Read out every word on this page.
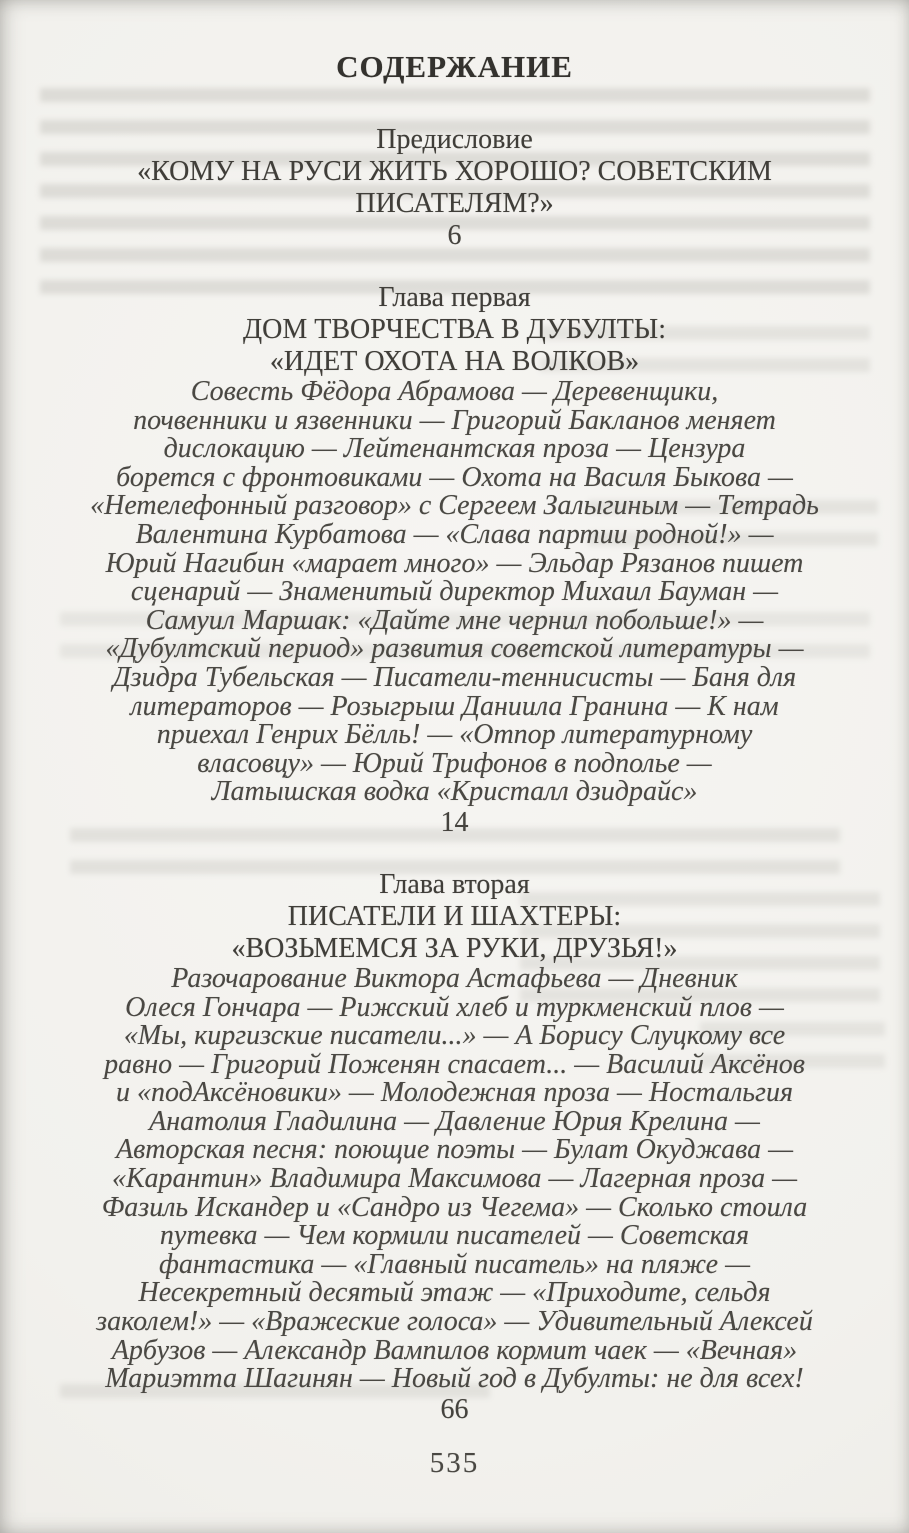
СОДЕРЖАНИЕ
Предисловие
«КОМУ НА РУСИ ЖИТЬ ХОРОШО? СОВЕТСКИМ
ПИСАТЕЛЯМ?»
6
Глава первая
ДОМ ТВОРЧЕСТВА В ДУБУЛТЫ:
«ИДЕТ ОХОТА НА ВОЛКОВ»
Совесть Фёдора Абрамова — Деревенщики,
почвенники и язвенники — Григорий Бакланов меняет
дислокацию — Лейтенантская проза — Цензура
борется с фронтовиками — Охота на Василя Быкова —
«Нетелефонный разговор» с Сергеем Залыгиным — Тетрадь
Валентина Курбатова — «Слава партии родной!» —
Юрий Нагибин «марает много» — Эльдар Рязанов пишет
сценарий — Знаменитый директор Михаил Бауман —
Самуил Маршак: «Дайте мне чернил побольше!» —
«Дубултский период» развития советской литературы —
Дзидра Тубельская — Писатели-теннисисты — Баня для
литераторов — Розыгрыш Даниила Гранина — К нам
приехал Генрих Бёлль! — «Отпор литературному
власовцу» — Юрий Трифонов в подполье —
Латышская водка «Кристалл дзидрайс»
14
Глава вторая
ПИСАТЕЛИ И ШАХТЕРЫ:
«ВОЗЬМЕМСЯ ЗА РУКИ, ДРУЗЬЯ!»
Разочарование Виктора Астафьева — Дневник
Олеся Гончара — Рижский хлеб и туркменский плов —
«Мы, киргизские писатели...» — А Борису Слуцкому все
равно — Григорий Поженян спасает... — Василий Аксёнов
и «подАксёновики» — Молодежная проза — Ностальгия
Анатолия Гладилина — Давление Юрия Крелина —
Авторская песня: поющие поэты — Булат Окуджава —
«Карантин» Владимира Максимова — Лагерная проза —
Фазиль Искандер и «Сандро из Чегема» — Сколько стоила
путевка — Чем кормили писателей — Советская
фантастика — «Главный писатель» на пляже —
Несекретный десятый этаж — «Приходите, сельдя
заколем!» — «Вражеские голоса» — Удивительный Алексей
Арбузов — Александр Вампилов кормит чаек — «Вечная»
Мариэтта Шагинян — Новый год в Дубулты: не для всех!
66
535
